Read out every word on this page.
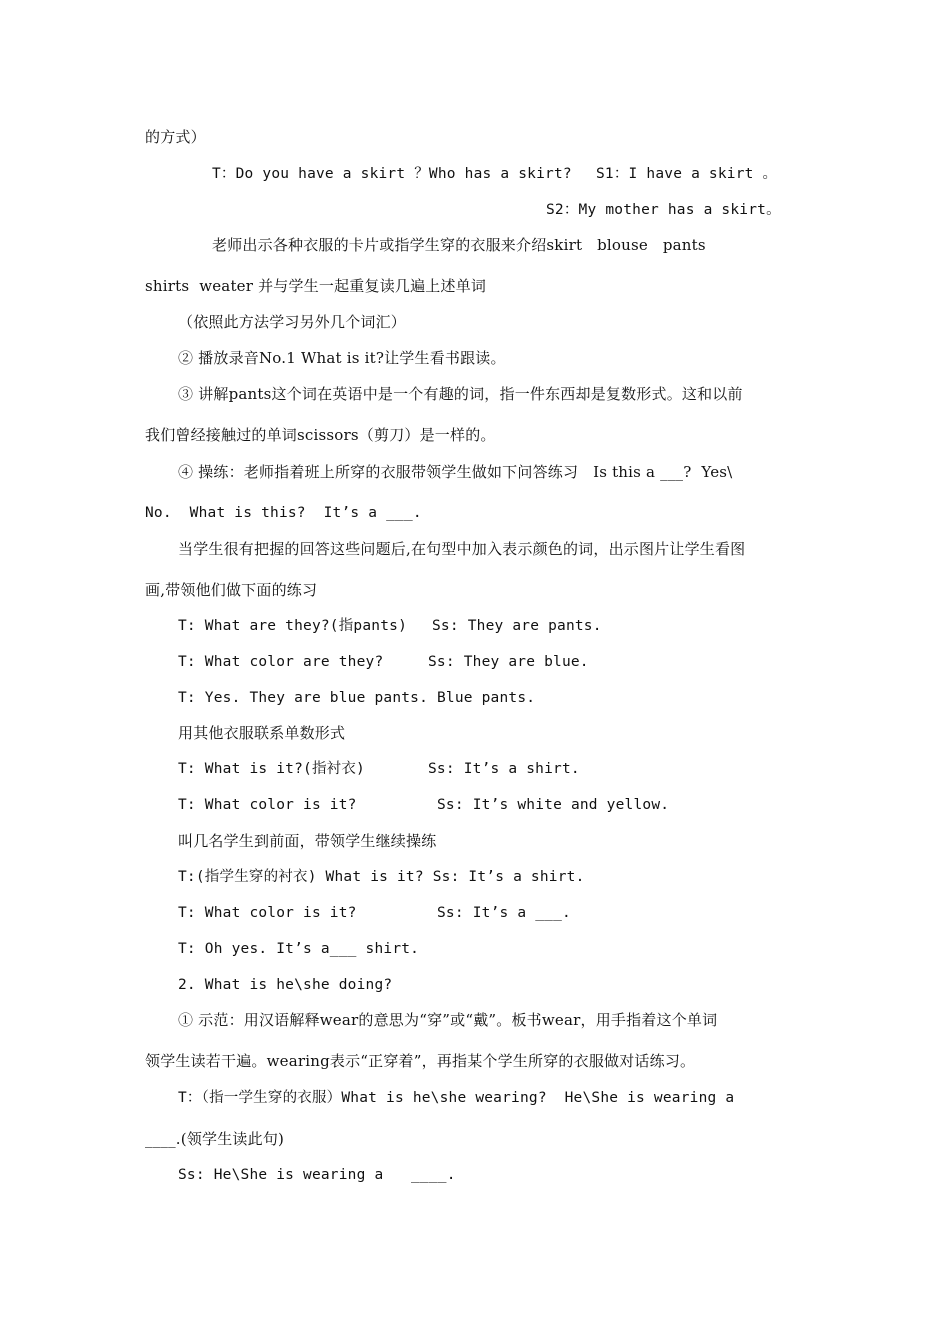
的方式）
T：Do you have a skirt ？Who has a skirt? S1：I have a skirt 。
S2：My mother has a skirt。
老师出示各种衣服的卡片或指学生穿的衣服来介绍skirt   blouse   pants
shirts  weater 并与学生一起重复读几遍上述单词
（依照此方法学习另外几个词汇）
② 播放录音No.1 What is it?让学生看书跟读。
③ 讲解pants这个词在英语中是一个有趣的词，指一件东西却是复数形式。这和以前
我们曾经接触过的单词scissors（剪刀）是一样的。
④ 操练：老师指着班上所穿的衣服带领学生做如下问答练习   Is this a ___?  Yes\
No.  What is this?  It’s a ___.
当学生很有把握的回答这些问题后,在句型中加入表示颜色的词，出示图片让学生看图
画,带领他们做下面的练习
T: What are they?(指pants) Ss: They are pants.
T: What color are they?	Ss: They are blue.
T: Yes. They are blue pants. Blue pants.
用其他衣服联系单数形式
T: What is it?(指衬衣)	Ss: It’s a shirt.
T: What color is it?	Ss: It’s white and yellow.
叫几名学生到前面，带领学生继续操练
T:(指学生穿的衬衣) What is it? Ss: It’s a shirt.
T: What color is it?	Ss: It’s a ___.
T: Oh yes. It’s a___ shirt.
2. What is he\she doing?
① 示范：用汉语解释wear的意思为“穿”或“戴”。板书wear，用手指着这个单词
领学生读若干遍。wearing表示“正穿着”，再指某个学生所穿的衣服做对话练习。
T：（指一学生穿的衣服）What is he\she wearing?  He\She is wearing a
____.(领学生读此句)
Ss: He\She is wearing a ____.
